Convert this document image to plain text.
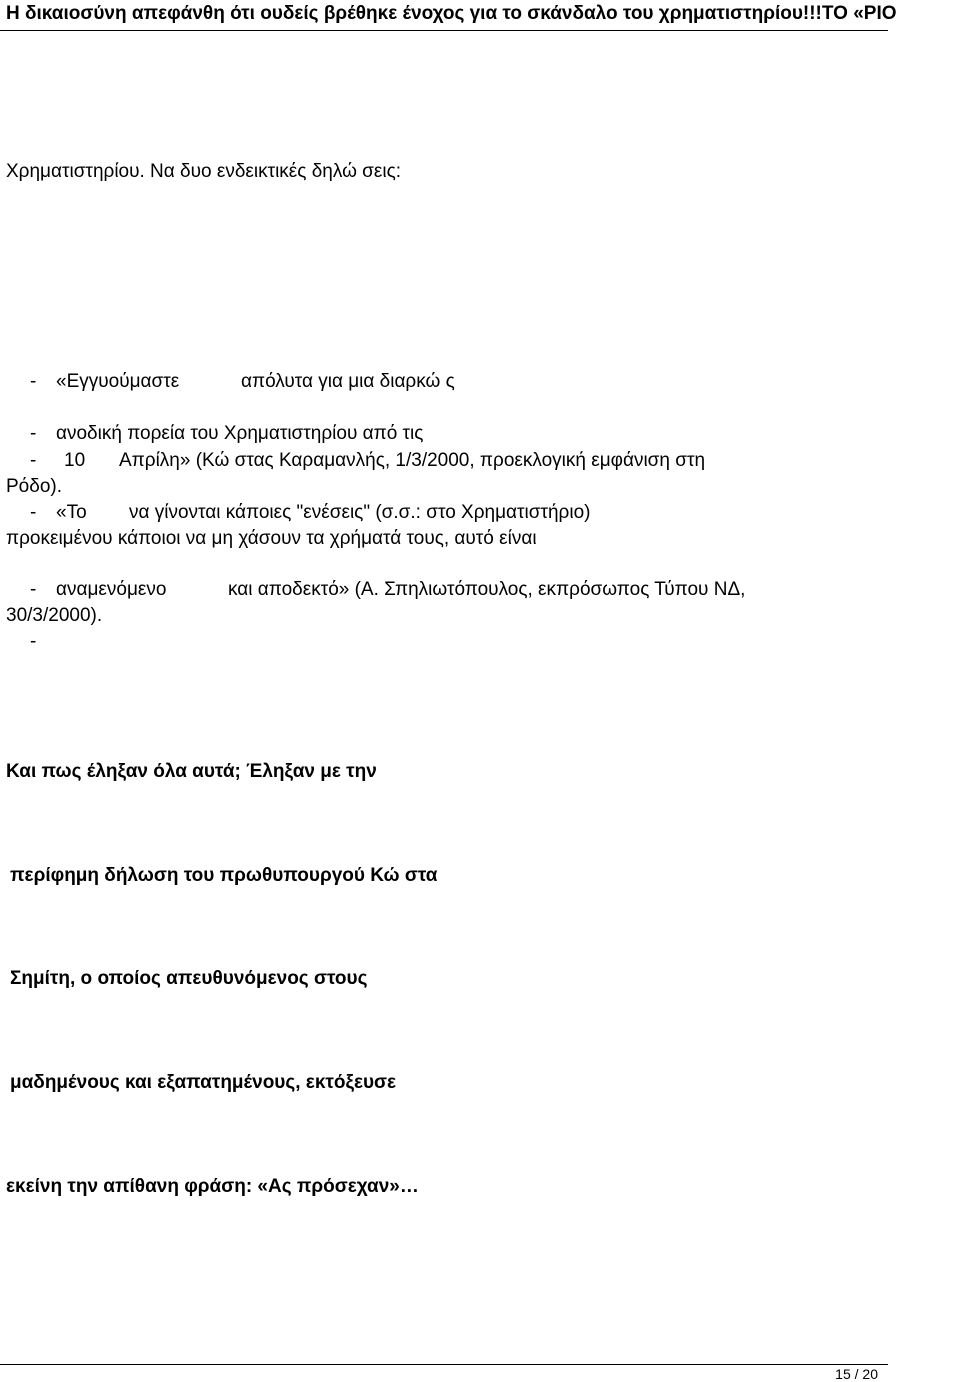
Η δικαιοσύνη απεφάνθη ότι ουδείς βρέθηκε ένοχος για το σκάνδαλο του χρηματιστηρίου!!!ΤΟ «ΡΙΟ
Χρηματιστηρίου. Να δυο ενδεικτικές δηλώ σεις:
- «Εγγυούμαστε	απόλυτα για μια διαρκώ ς
- ανοδική πορεία του Χρηματιστηρίου από τις
- 10 Απρίλη» (Κώ στας Καραμανλής, 1/3/2000, προεκλογική εμφάνιση στη
Ρόδο).
- «Το να γίνονται κάποιες "ενέσεις" (σ.σ.: στο Χρηματιστήριο)
προκειμένου κάποιοι να μη χάσουν τα χρήματά τους, αυτό είναι
- αναμενόμενο	και αποδεκτό» (Α. Σπηλιωτόπουλος, εκπρόσωπος Τύπου ΝΔ,
30/3/2000).
-
Και πως έληξαν όλα αυτά; Έληξαν με την
περίφημη δήλωση του πρωθυπουργού Κώ στα
Σημίτη, ο οποίος απευθυνόμενος στους
μαδημένους και εξαπατημένους, εκτόξευσε
εκείνη την απίθανη φράση: «Ας πρόσεχαν»…
15 / 20
